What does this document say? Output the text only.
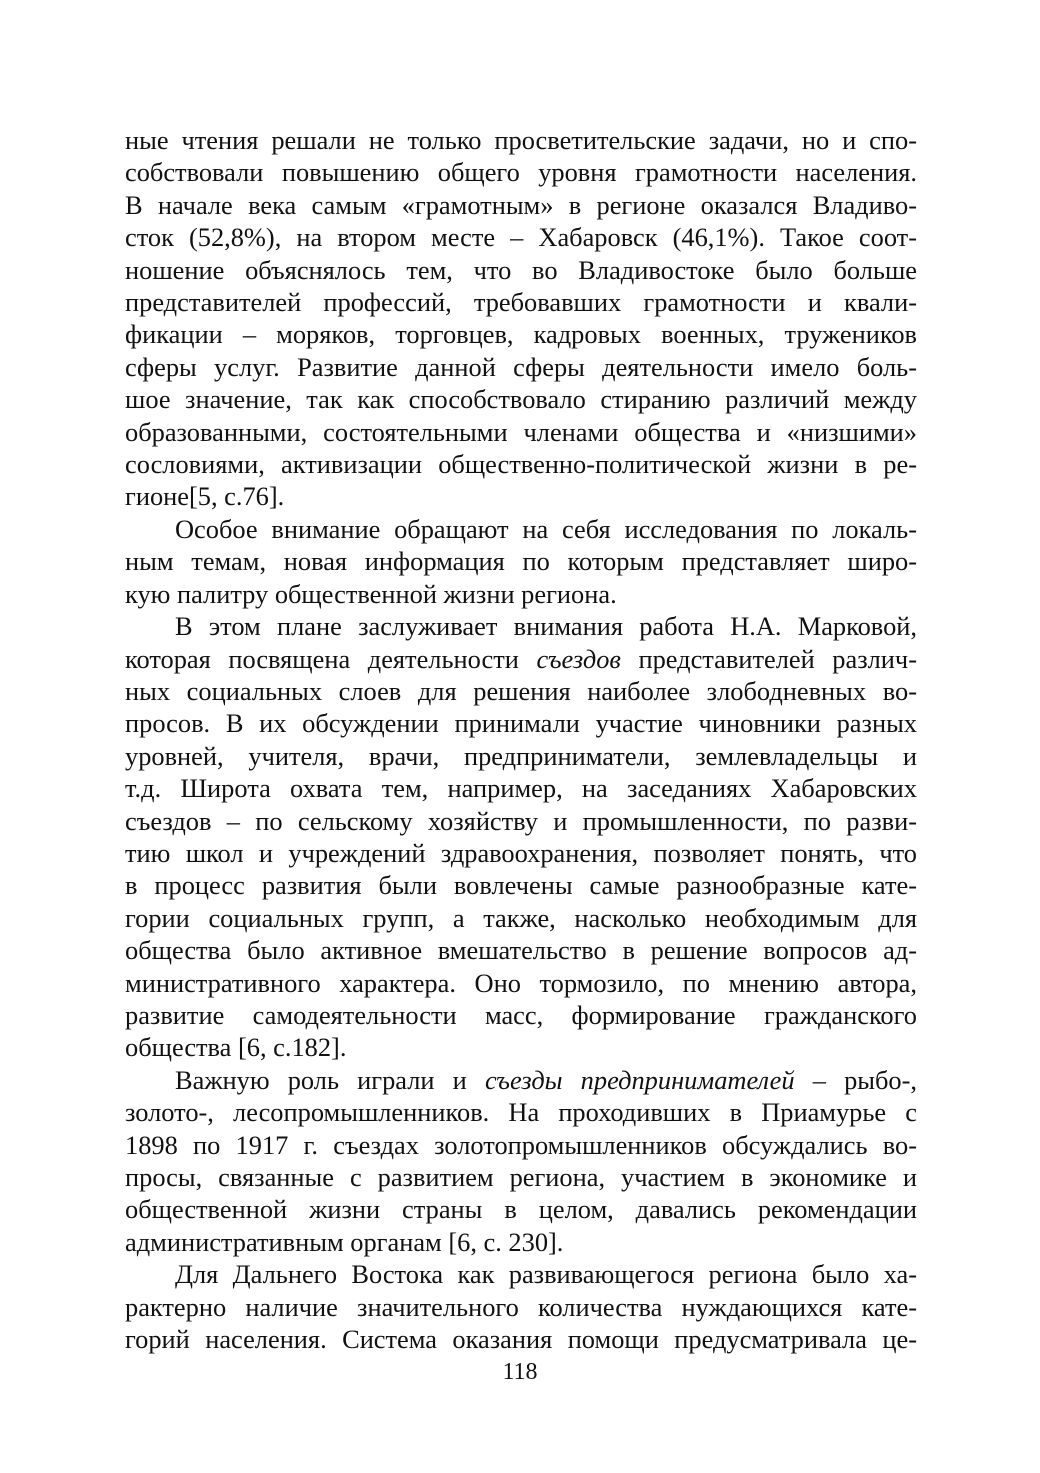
ные чтения решали не только просветительские задачи, но и спо-
собствовали повышению общего уровня грамотности населения.
В начале века самым «грамотным» в регионе оказался Владиво-
сток (52,8%), на втором месте – Хабаровск (46,1%). Такое соот-
ношение объяснялось тем, что во Владивостоке было больше
представителей профессий, требовавших грамотности и квали-
фикации – моряков, торговцев, кадровых военных, тружеников
сферы услуг. Развитие данной сферы деятельности имело боль-
шое значение, так как способствовало стиранию различий между
образованными, состоятельными членами общества и «низшими»
сословиями, активизации общественно-политической жизни в ре-
гионе[5, с.76].
Особое внимание обращают на себя исследования по локаль-
ным темам, новая информация по которым представляет широ-
кую палитру общественной жизни региона.
В этом плане заслуживает внимания работа Н.А. Марковой,
которая посвящена деятельности съездов представителей различ-
ных социальных слоев для решения наиболее злободневных во-
просов. В их обсуждении принимали участие чиновники разных
уровней, учителя, врачи, предприниматели, землевладельцы и
т.д. Широта охвата тем, например, на заседаниях Хабаровских
съездов – по сельскому хозяйству и промышленности, по разви-
тию школ и учреждений здравоохранения, позволяет понять, что
в процесс развития были вовлечены самые разнообразные кате-
гории социальных групп, а также, насколько необходимым для
общества было активное вмешательство в решение вопросов ад-
министративного характера. Оно тормозило, по мнению автора,
развитие самодеятельности масс, формирование гражданского
общества [6, с.182].
Важную роль играли и съезды предпринимателей – рыбо-,
золото-, лесопромышленников. На проходивших в Приамурье с
1898 по 1917 г. съездах золотопромышленников обсуждались во-
просы, связанные с развитием региона, участием в экономике и
общественной жизни страны в целом, давались рекомендации
административным органам [6, с. 230].
Для Дальнего Востока как развивающегося региона было ха-
рактерно наличие значительного количества нуждающихся кате-
горий населения. Система оказания помощи предусматривала це-
118
